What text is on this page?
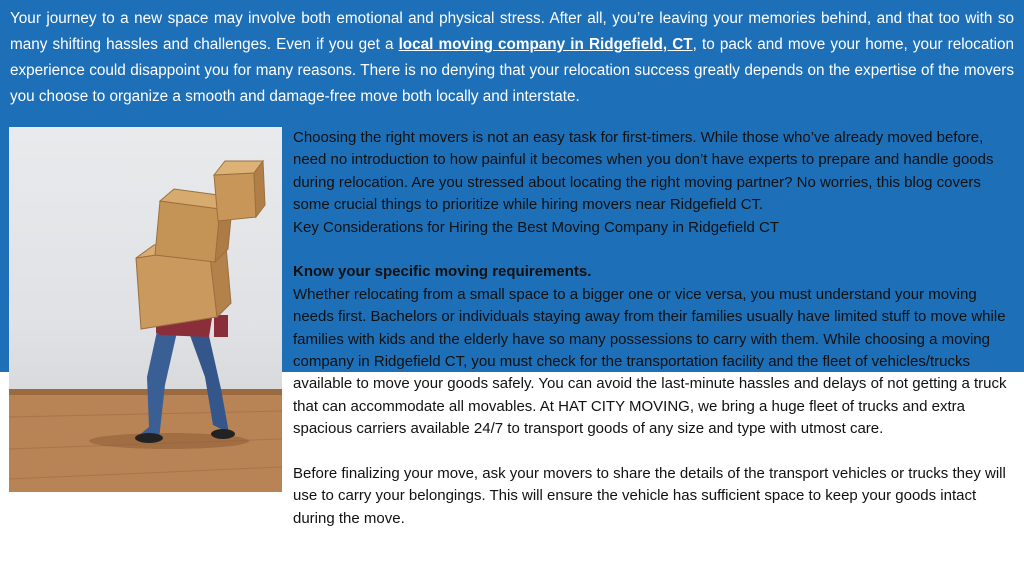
Your journey to a new space may involve both emotional and physical stress. After all, you’re leaving your memories behind, and that too with so many shifting hassles and challenges. Even if you get a local moving company in Ridgefield, CT, to pack and move your home, your relocation experience could disappoint you for many reasons. There is no denying that your relocation success greatly depends on the expertise of the movers you choose to organize a smooth and damage-free move both locally and interstate.

Choosing the right movers is not an easy task for first-timers. While those who’ve already moved before, need no introduction to how painful it becomes when you don’t have experts to prepare and handle goods during relocation. Are you stressed about locating the right moving partner? No worries, this blog covers some crucial things to prioritize while hiring movers near Ridgefield CT.

Key Considerations for Hiring the Best Moving Company in Ridgefield CT

Know your specific moving requirements.

Whether relocating from a small space to a bigger one or vice versa, you must understand your moving needs first. Bachelors or individuals staying away from their families usually have limited stuff to move while families with kids and the elderly have so many possessions to carry with them. While choosing a moving company in Ridgefield CT, you must check for the transportation facility and the fleet of vehicles/trucks available to move your goods safely. You can avoid the last-minute hassles and delays of not getting a truck that can accommodate all movables. At HAT CITY MOVING, we bring a huge fleet of trucks and extra spacious carriers available 24/7 to transport goods of any size and type with utmost care.

Before finalizing your move, ask your movers to share the details of the transport vehicles or trucks they will use to carry your belongings. This will ensure the vehicle has sufficient space to keep your goods intact during the move.
